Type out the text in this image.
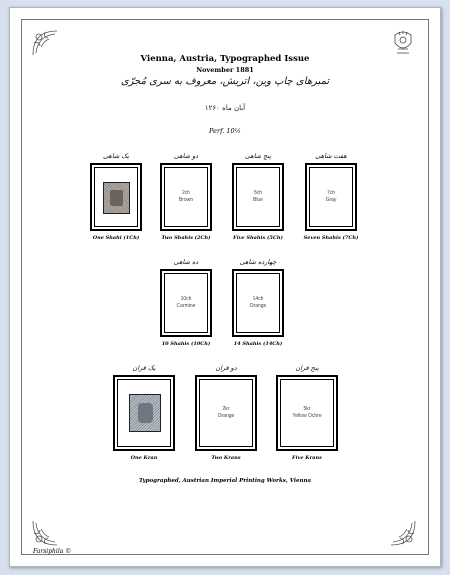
Vienna, Austria, Typographed Issue
November 1881
تمبرهای چاپ وین، اتریش، معروف به سری مُجرّی
آبان ماه ۱۲۶۰
Perf. 10½
یک شاهی
One Shahi (1Ch)
دو شاهی
2ch
Brown
Two Shahis (2Ch)
پنج شاهی
5ch
Blue
Five Shahis (5Ch)
هفت شاهی
7ch
Gray
Seven Shahis (7Ch)
ده شاهی
10ch
Carmine
10 Shahis (10Ch)
چهارده شاهی
14ch
Orange
14 Shahis (14Ch)
یک قران
One Kran
دو قران
2kr
Orange
Two Krans
پنج قران
5kr
Yellow Ochre
Five Krans
Typographed, Austrian Imperial Printing Works, Vienna
Farsiphila ©
